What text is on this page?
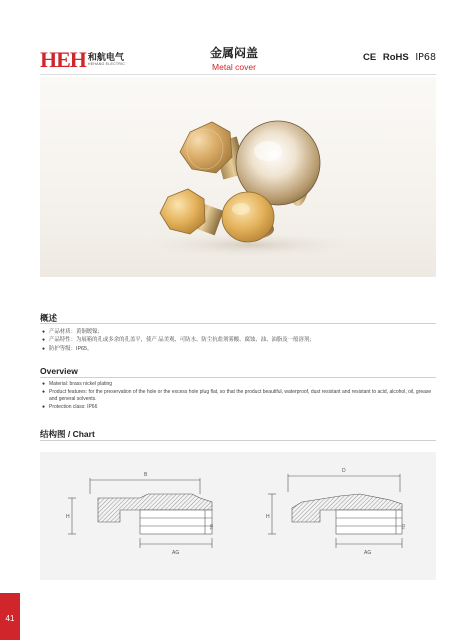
HEH 和航电气
HEHANG ELECTRIC
金属闷盖
Metal cover
CE RoHS IP68
概述
● 产品材质：黄铜镀镍；
● 产品特性：为展箱的孔或多余的孔盖平，使产 品美观、可防水、防尘抗盐剂雾酸、腐蚀、油、油脂及一般溶剂；
● 防护等级：IP65。
Overview
● Material: brass nickel plating
● Product features: for the preservation of the hole or the excess hole plug flat, so that the product beautiful, waterproof, dust resistant and resistant to acid, alcohol, oil, grease and general solvents.
● Protection class: IP66
结构图 / Chart
B
H
GL
AG
D
H
GL
AG
41
